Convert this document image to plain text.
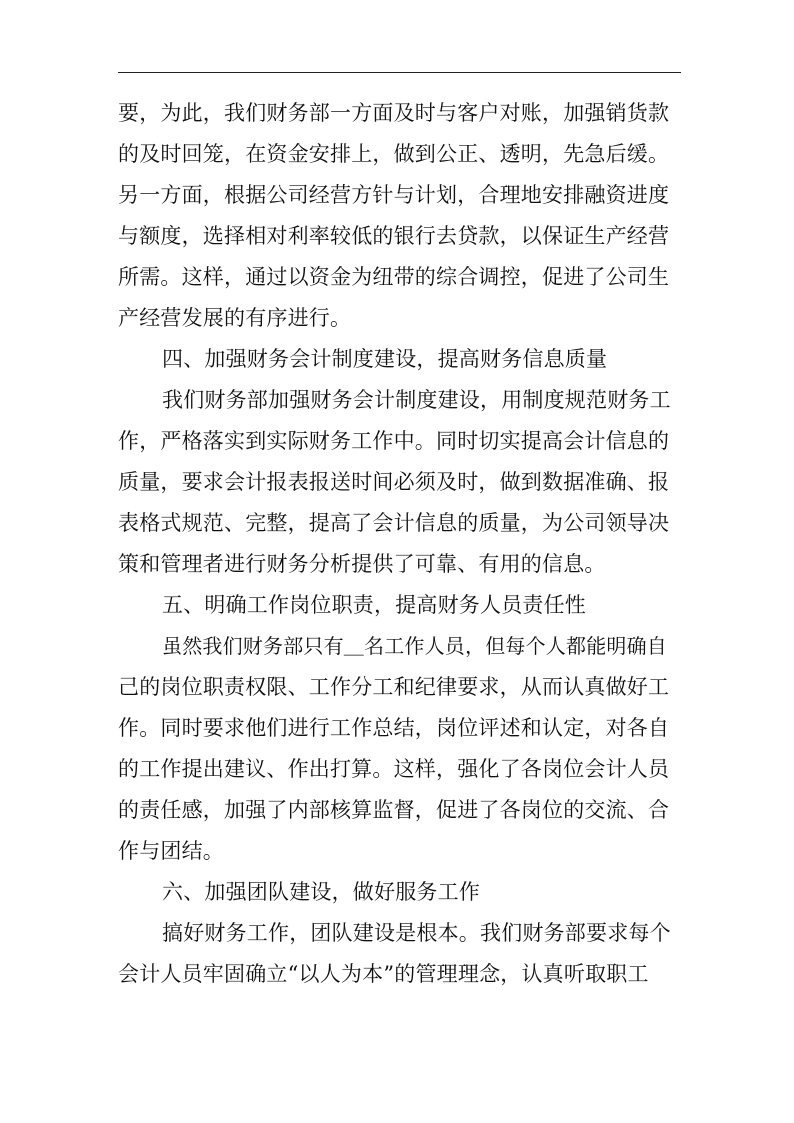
要，为此，我们财务部一方面及时与客户对账，加强销货款
的及时回笼，在资金安排上，做到公正、透明，先急后缓。
另一方面，根据公司经营方针与计划，合理地安排融资进度
与额度，选择相对利率较低的银行去贷款，以保证生产经营
所需。这样，通过以资金为纽带的综合调控，促进了公司生
产经营发展的有序进行。
四、加强财务会计制度建设，提高财务信息质量
我们财务部加强财务会计制度建设，用制度规范财务工
作，严格落实到实际财务工作中。同时切实提高会计信息的
质量，要求会计报表报送时间必须及时，做到数据准确、报
表格式规范、完整，提高了会计信息的质量，为公司领导决
策和管理者进行财务分析提供了可靠、有用的信息。
五、明确工作岗位职责，提高财务人员责任性
虽然我们财务部只有＿名工作人员，但每个人都能明确自
己的岗位职责权限、工作分工和纪律要求，从而认真做好工
作。同时要求他们进行工作总结，岗位评述和认定，对各自
的工作提出建议、作出打算。这样，强化了各岗位会计人员
的责任感，加强了内部核算监督，促进了各岗位的交流、合
作与团结。
六、加强团队建设，做好服务工作
搞好财务工作，团队建设是根本。我们财务部要求每个
会计人员牢固确立“以人为本”的管理理念，认真听取职工
